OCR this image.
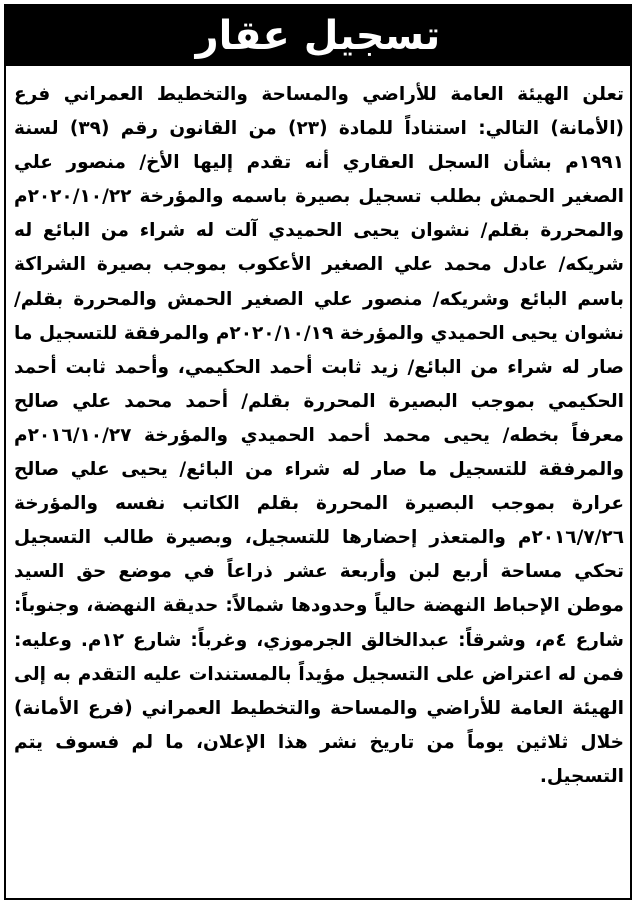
تسجيل عقار

تعلن الهيئة العامة للأراضي والمساحة والتخطيط العمراني فرع (الأمانة) التالي: استناداً للمادة (٢٣) من القانون رقم (٣٩) لسنة ١٩٩١م بشأن السجل العقاري أنه تقدم إليها الأخ/ منصور علي الصغير الحمش بطلب تسجيل بصيرة باسمه والمؤرخة ٢٠٢٠/١٠/٢٢م والمحررة بقلم/ نشوان يحيى الحميدي آلت له شراء من البائع له شريكه/ عادل محمد علي الصغير الأعكوب بموجب بصيرة الشراكة باسم البائع وشريكه/ منصور علي الصغير الحمش والمحررة بقلم/ نشوان يحيى الحميدي والمؤرخة ٢٠٢٠/١٠/١٩م والمرفقة للتسجيل ما صار له شراء من البائع/ زيد ثابت أحمد الحكيمي، وأحمد ثابت أحمد الحكيمي بموجب البصيرة المحررة بقلم/ أحمد محمد علي صالح معرفاً بخطه/ يحيى محمد أحمد الحميدي والمؤرخة ٢٠١٦/١٠/٢٧م والمرفقة للتسجيل ما صار له شراء من البائع/ يحيى علي صالح عرارة بموجب البصيرة المحررة بقلم الكاتب نفسه والمؤرخة ٢٠١٦/٧/٢٦م والمتعذر إحضارها للتسجيل، وبصيرة طالب التسجيل تحكي مساحة أربع لبن وأربعة عشر ذراعاً في موضع حق السيد موطن الإحباط النهضة حالياً وحدودها شمالاً: حديقة النهضة، وجنوباً: شارع ٤م، وشرقاً: عبدالخالق الجرموزي، وغرباً: شارع ١٢م. وعليه: فمن له اعتراض على التسجيل مؤيداً بالمستندات عليه التقدم به إلى الهيئة العامة للأراضي والمساحة والتخطيط العمراني (فرع الأمانة) خلال ثلاثين يوماً من تاريخ نشر هذا الإعلان، ما لم فسوف يتم التسجيل.
